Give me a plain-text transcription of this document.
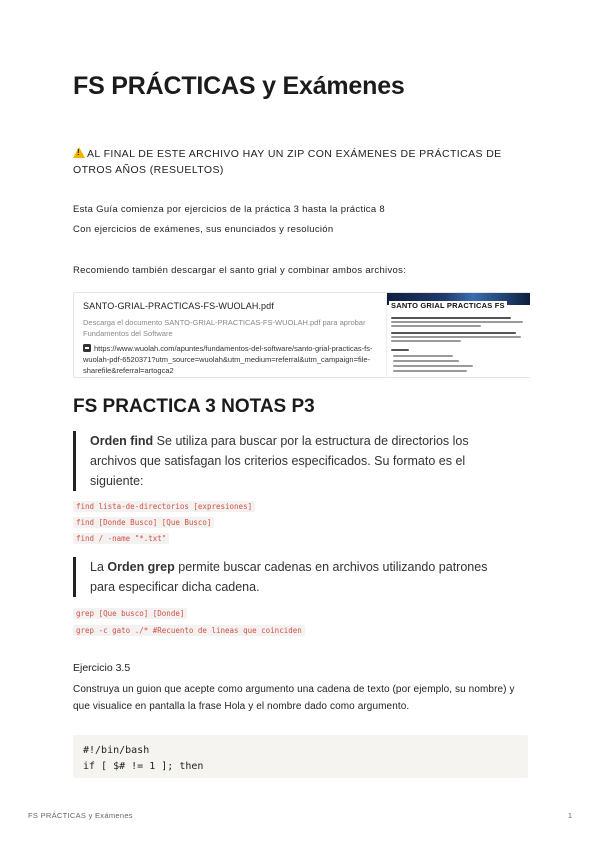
FS PRÁCTICAS y Exámenes
!AL FINAL DE ESTE ARCHIVO HAY UN ZIP CON EXÁMENES DE PRÁCTICAS DE OTROS AÑOS (RESUELTOS)

Esta Guía comienza por ejercicios de la práctica 3 hasta la práctica 8

Con ejercicios de exámenes, sus enunciados y resolución

Recomiendo también descargar el santo grial y combinar ambos archivos:

SANTO-GRIAL-PRACTICAS-FS-WUOLAH.pdf
Descarga el documento SANTO-GRIAL-PRACTICAS-FS-WUOLAH.pdf para aprobar Fundamentos del Software
https://www.wuolah.com/apuntes/fundamentos-del-software/santo-grial-practicas-fs-wuolah-pdf-6520371?utm_source=wuolah&utm_medium=referral&utm_campaign=file-sharefile&referral=artogca2
SANTO GRIAL PRACTICAS FS
FS PRACTICA 3 NOTAS P3
Orden find Se utiliza para buscar por la estructura de directorios los archivos que satisfagan los criterios especificados. Su formato es el siguiente:
find lista-de-directorios [expresiones]
find [Donde Busco] [Que Busco]
find / -name "*.txt"
La Orden grep permite buscar cadenas en archivos utilizando patrones para especificar dicha cadena.
grep [Que busco] [Donde]
grep -c gato ./* #Recuento de lineas que coinciden

Ejercicio 3.5

Construya un guion que acepte como argumento una cadena de texto (por ejemplo, su nombre) y
que visualice en pantalla la frase Hola y el nombre dado como argumento.
#!/bin/bash
if [ $# != 1 ]; then
FS PRÁCTICAS y Exámenes	1
